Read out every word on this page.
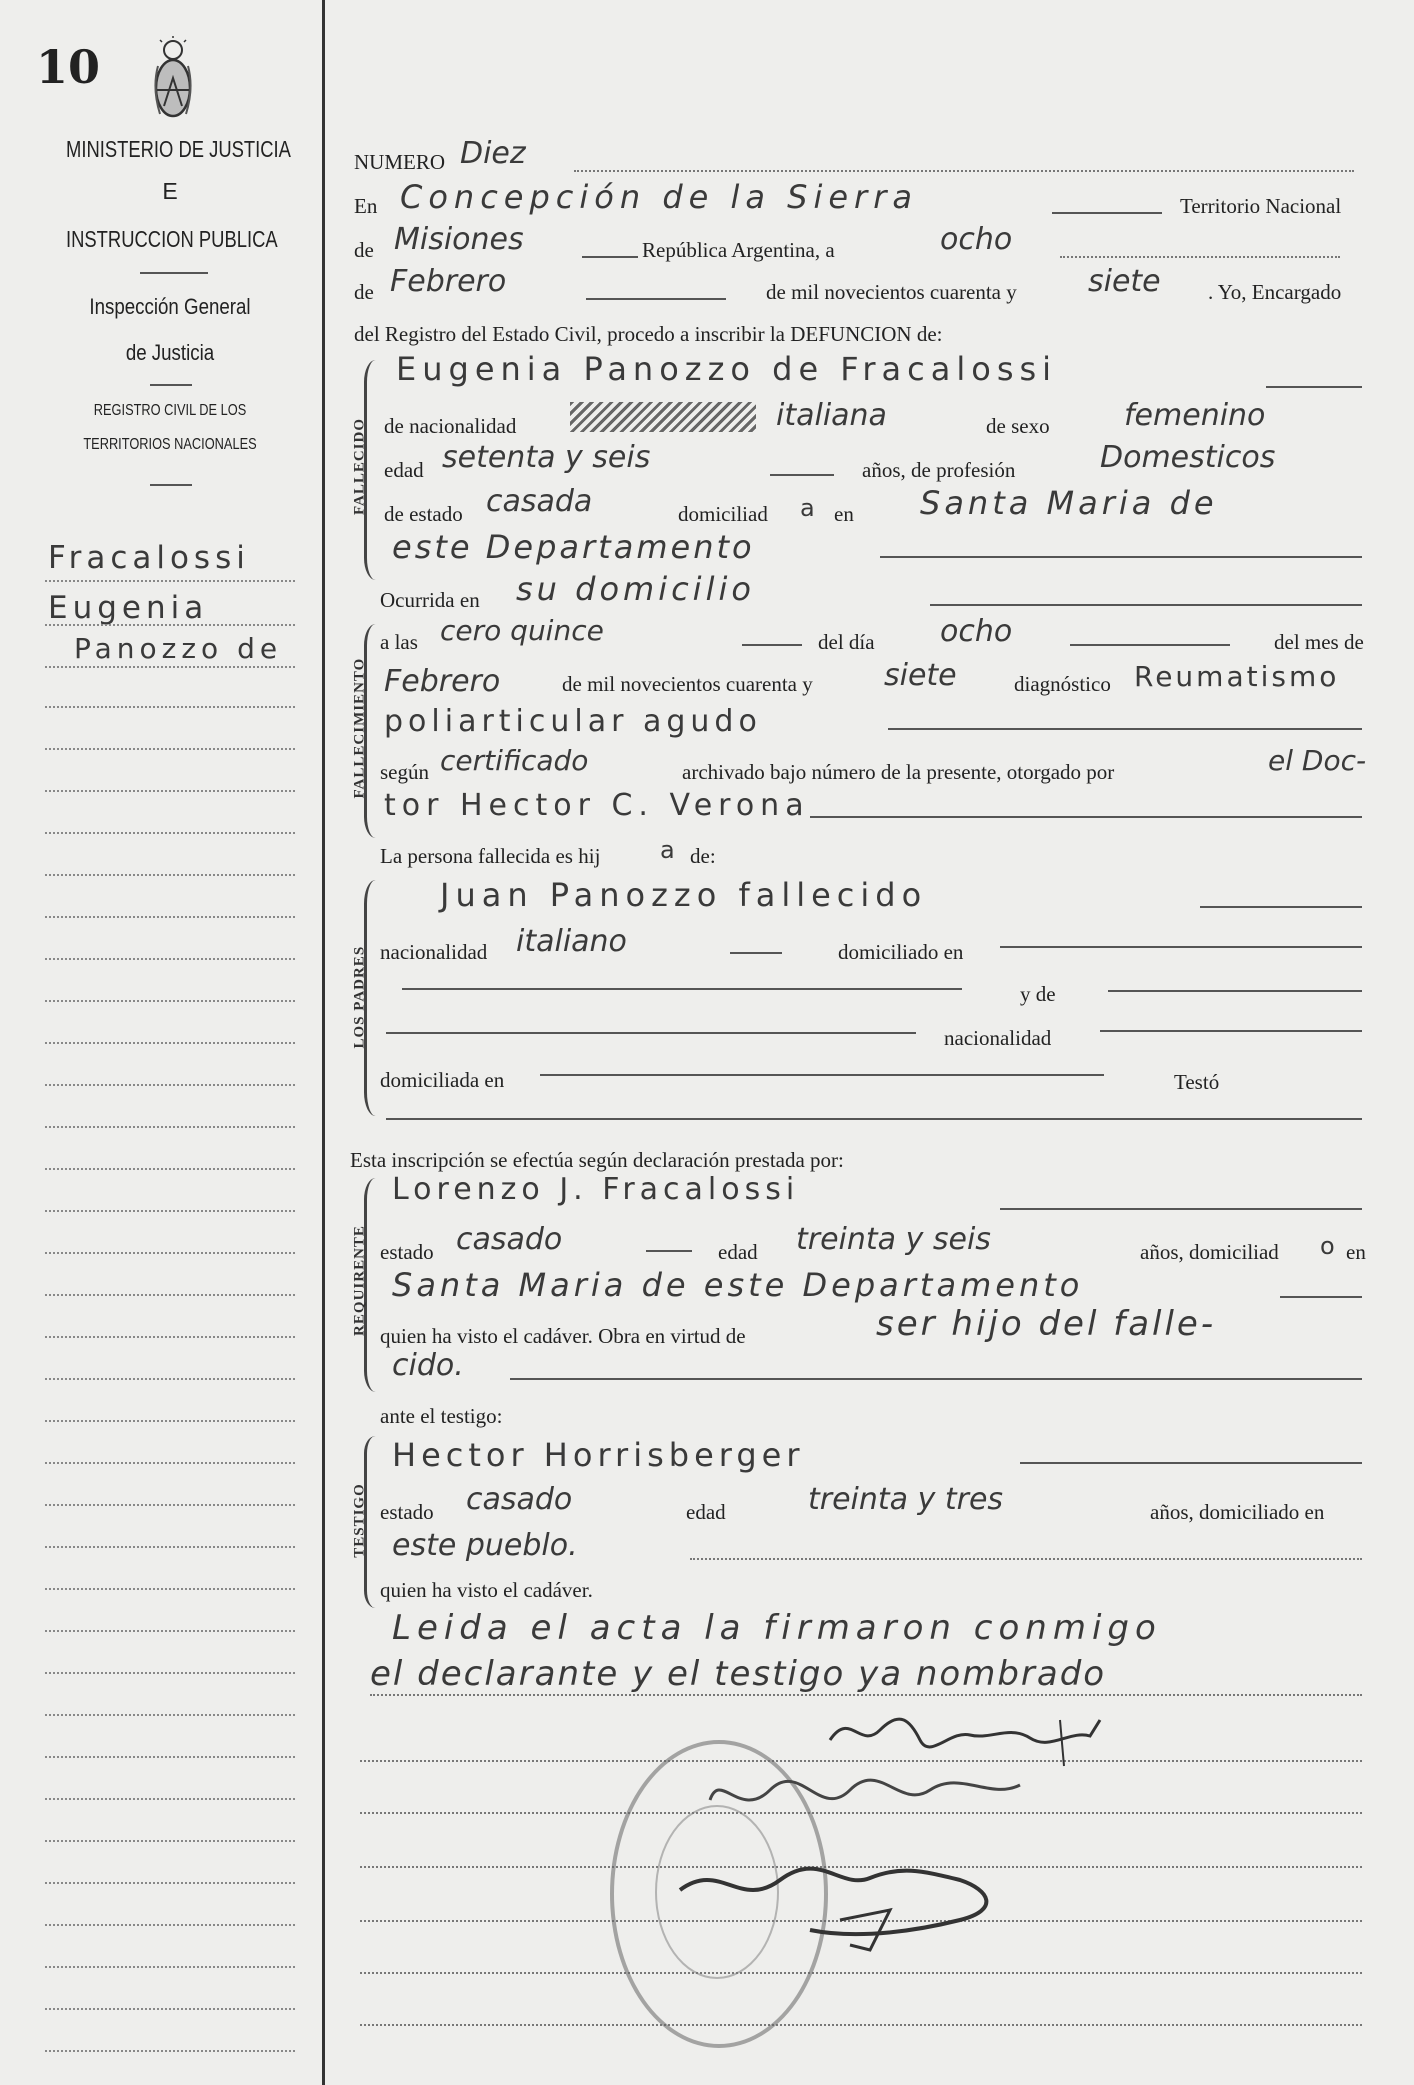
10
MINISTERIO DE JUSTICIA
E
INSTRUCCION PUBLICA
Inspección General
de Justicia
REGISTRO CIVIL DE LOS
TERRITORIOS NACIONALES
Fracalossi
Eugenia
Panozzo de
NUMERO Diez
En Concepción de la Sierra	Territorio Nacional
de Misiones	República Argentina, a	ocho
de Febrero	de mil novecientos cuarenta y siete . Yo, Encargado
del Registro del Estado Civil, procedo a inscribir la DEFUNCION de:
FALLECIDO
Eugenia Panozzo de Fracalossi
de nacionalidad	italiana	de sexo femenino
edad setenta y seis	años, de profesión	Domesticos
de estado casada	domiciliad a en Santa Maria de
este Departamento
Ocurrida en su domicilio
FALLECIMIENTO
a las cero quince	del día ocho	del mes de
Febrero	de mil novecientos cuarenta y siete	diagnóstico Reumatismo
poliarticular agudo
según certificado	archivado bajo número de la presente, otorgado por	el Doc-
tor Hector C. Verona
La persona fallecida es hij a de:
LOS PADRES
Juan Panozzo fallecido
nacionalidad italiano	domiciliado en
y de
nacionalidad
domiciliada en	Testó
Esta inscripción se efectúa según declaración prestada por:
REQUIRENTE
Lorenzo J. Fracalossi
estado casado	edad treinta y seis	años, domiciliad o en
Santa Maria de este Departamento
quien ha visto el cadáver. Obra en virtud de	ser hijo del falle-
cido.
ante el testigo:
TESTIGO
Hector Horrisberger
estado casado	edad	treinta y tres	años, domiciliado en
este pueblo.
quien ha visto el cadáver.
Leida el acta la firmaron conmigo
el declarante y el testigo ya nombrado
